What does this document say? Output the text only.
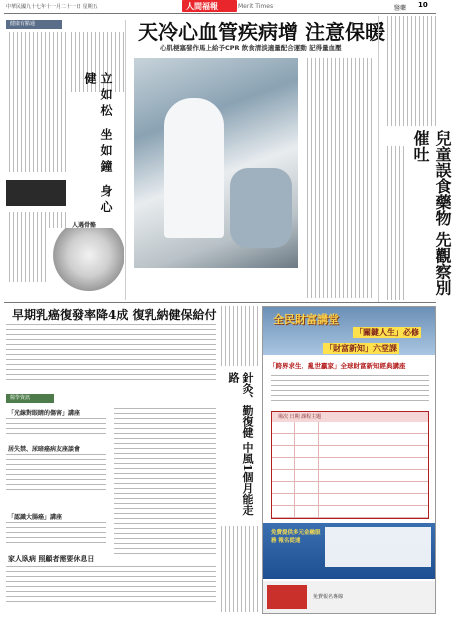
中華民國九十七年十一月二十一日 星期五	人間福報	Merit Times	醫藥 10
健康有點通
立如松 坐如鐘 身心健
人遇骨骼
天冷心血管疾病增 注意保暖
心肌梗塞發作馬上給予CPR 飲食清淡適量配合運動 記得量血壓
兒童誤食藥物 先觀察別催吐
早期乳癌復發率降4成 復乳納健保給付
醫學資訊
「光線對眼睛的傷害」講座
居失禁、尿暗癌病友座談會
「認識大腸癌」講座
家人臥病 照顧者需要休息日
針灸、勤復健 中風1個月能走路
全民財富講堂
「關鍵人生」必修
「財富新知」六堂課
「跨界求生．亂世贏家」全球財富新知經典講座
場次 日期 課程主題
免費提供多元金融服務 報名從速
免費報名專線
